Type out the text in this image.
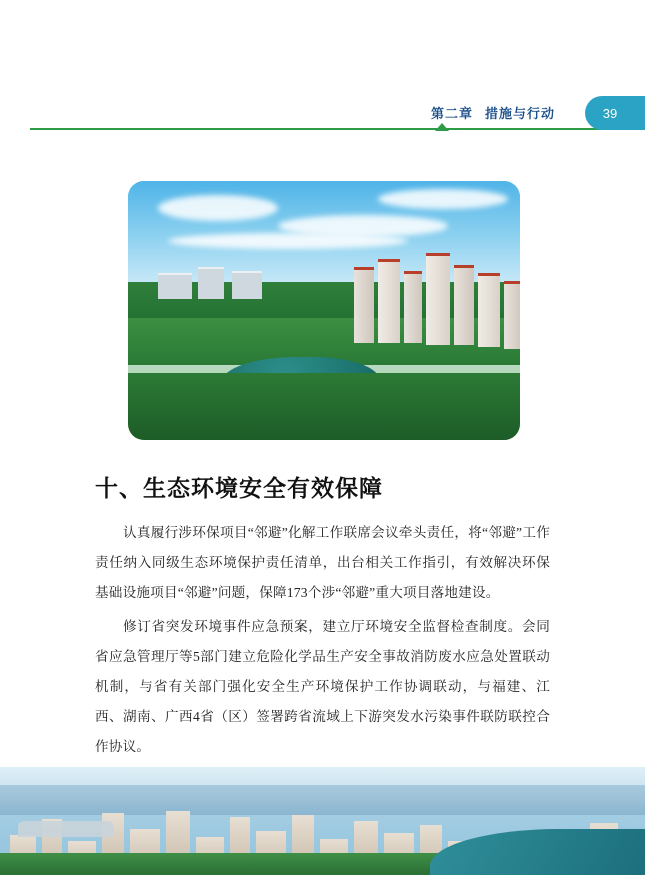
第二章 措施与行动	39
十、生态环境安全有效保障

认真履行涉环保项目“邻避”化解工作联席会议牵头责任，将“邻避”工作责任纳入同级生态环境保护责任清单，出台相关工作指引，有效解决环保基础设施项目“邻避”问题，保障173个涉“邻避”重大项目落地建设。

修订省突发环境事件应急预案，建立厅环境安全监督检查制度。会同省应急管理厅等5部门建立危险化学品生产安全事故消防废水应急处置联动机制，与省有关部门强化安全生产环境保护工作协调联动，与福建、江西、湖南、广西4省（区）签署跨省流域上下游突发水污染事件联防联控合作协议。
